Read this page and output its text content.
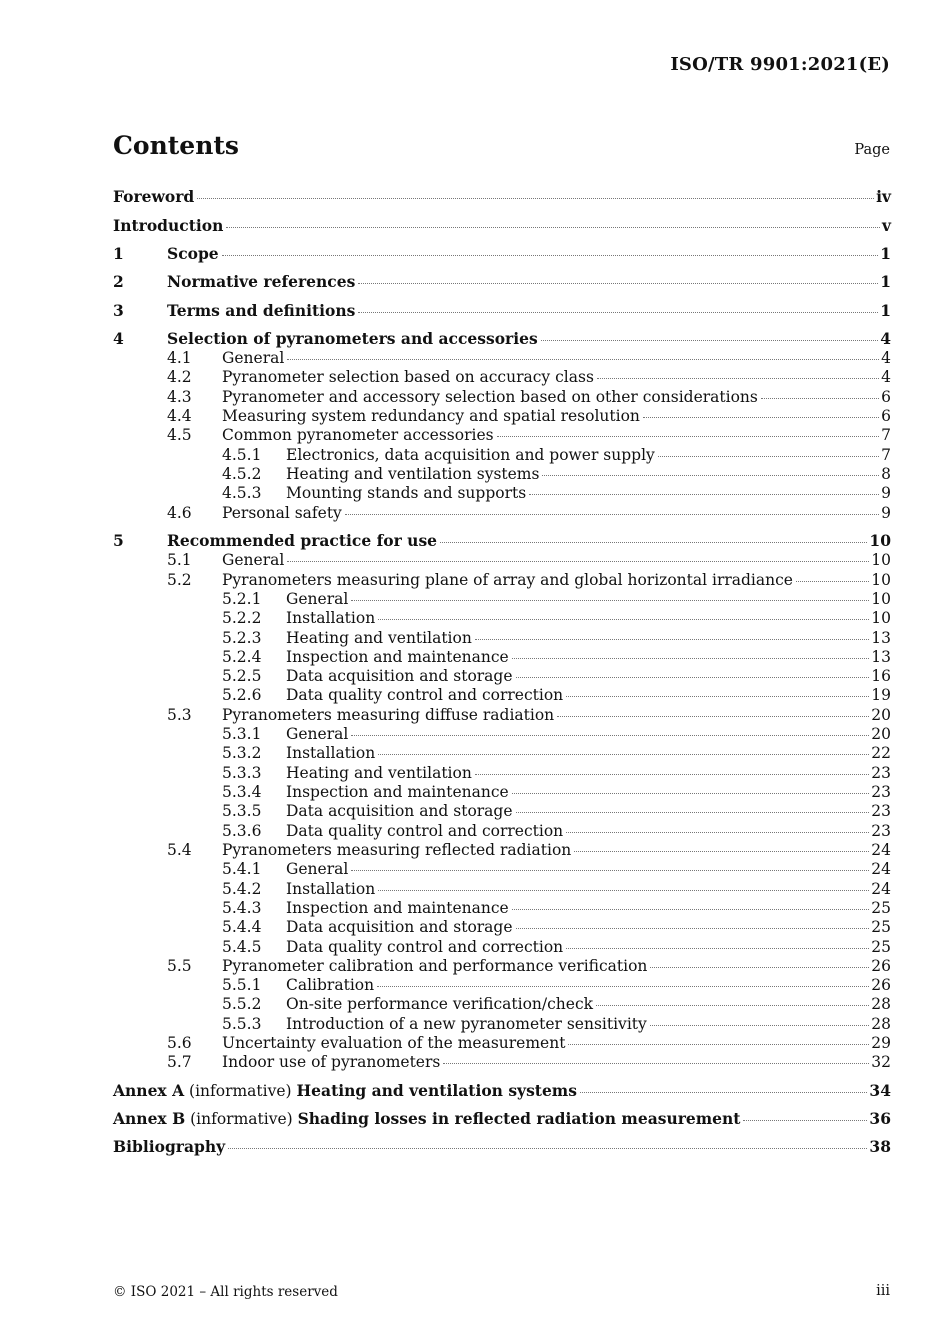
ISO/TR 9901:2021(E)
Contents	Page
Foreword	iv
Introduction	v
1	Scope	1
2	Normative references	1
3	Terms and definitions	1
4	Selection of pyranometers and accessories	4
4.1	General	4
4.2	Pyranometer selection based on accuracy class	4
4.3	Pyranometer and accessory selection based on other considerations	6
4.4	Measuring system redundancy and spatial resolution	6
4.5	Common pyranometer accessories	7
4.5.1	Electronics, data acquisition and power supply	7
4.5.2	Heating and ventilation systems	8
4.5.3	Mounting stands and supports	9
4.6	Personal safety	9
5	Recommended practice for use	10
5.1	General	10
5.2	Pyranometers measuring plane of array and global horizontal irradiance	10
5.2.1	General	10
5.2.2	Installation	10
5.2.3	Heating and ventilation	13
5.2.4	Inspection and maintenance	13
5.2.5	Data acquisition and storage	16
5.2.6	Data quality control and correction	19
5.3	Pyranometers measuring diffuse radiation	20
5.3.1	General	20
5.3.2	Installation	22
5.3.3	Heating and ventilation	23
5.3.4	Inspection and maintenance	23
5.3.5	Data acquisition and storage	23
5.3.6	Data quality control and correction	23
5.4	Pyranometers measuring reflected radiation	24
5.4.1	General	24
5.4.2	Installation	24
5.4.3	Inspection and maintenance	25
5.4.4	Data acquisition and storage	25
5.4.5	Data quality control and correction	25
5.5	Pyranometer calibration and performance verification	26
5.5.1	Calibration	26
5.5.2	On-site performance verification/check	28
5.5.3	Introduction of a new pyranometer sensitivity	28
5.6	Uncertainty evaluation of the measurement	29
5.7	Indoor use of pyranometers	32
Annex A (informative) Heating and ventilation systems	34
Annex B (informative) Shading losses in reflected radiation measurement	36
Bibliography	38
© ISO 2021 – All rights reserved	iii
